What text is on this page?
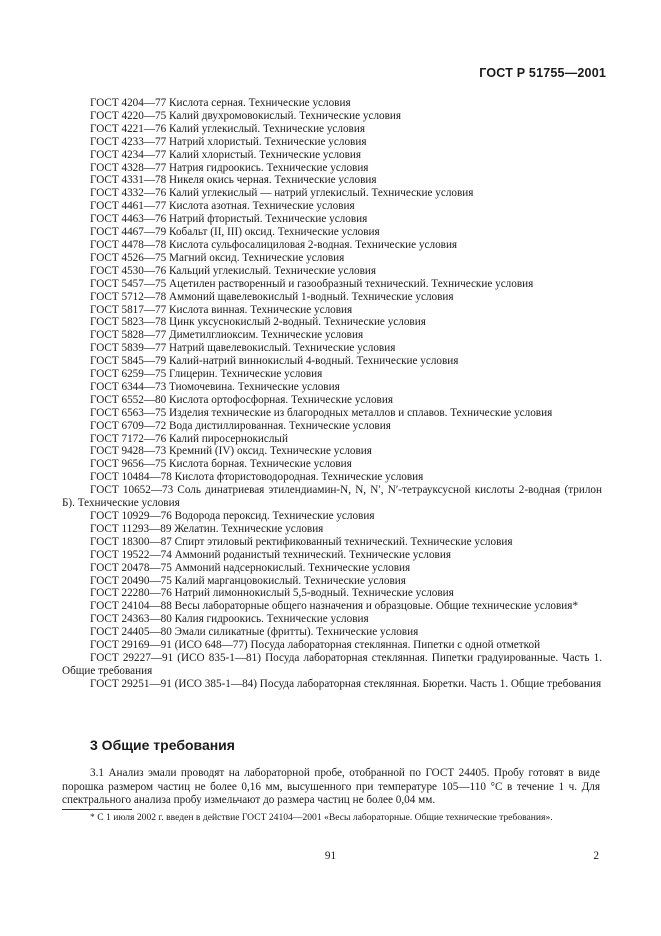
ГОСТ Р 51755—2001
ГОСТ 4204—77 Кислота серная. Технические условия
ГОСТ 4220—75 Калий двухромовокислый. Технические условия
ГОСТ 4221—76 Калий углекислый. Технические условия
ГОСТ 4233—77 Натрий хлористый. Технические условия
ГОСТ 4234—77 Калий хлористый. Технические условия
ГОСТ 4328—77 Натрия гидроокись. Технические условия
ГОСТ 4331—78 Никеля окись черная. Технические условия
ГОСТ 4332—76 Калий углекислый — натрий углекислый. Технические условия
ГОСТ 4461—77 Кислота азотная. Технические условия
ГОСТ 4463—76 Натрий фтористый. Технические условия
ГОСТ 4467—79 Кобальт (II, III) оксид. Технические условия
ГОСТ 4478—78 Кислота сульфосалициловая 2-водная. Технические условия
ГОСТ 4526—75 Магний оксид. Технические условия
ГОСТ 4530—76 Кальций углекислый. Технические условия
ГОСТ 5457—75 Ацетилен растворенный и газообразный технический. Технические условия
ГОСТ 5712—78 Аммоний щавелевокислый 1-водный. Технические условия
ГОСТ 5817—77 Кислота винная. Технические условия
ГОСТ 5823—78 Цинк уксуснокислый 2-водный. Технические условия
ГОСТ 5828—77 Диметилглиоксим. Технические условия
ГОСТ 5839—77 Натрий щавелевокислый. Технические условия
ГОСТ 5845—79 Калий-натрий виннокислый 4-водный. Технические условия
ГОСТ 6259—75 Глицерин. Технические условия
ГОСТ 6344—73 Тиомочевина. Технические условия
ГОСТ 6552—80 Кислота ортофосфорная. Технические условия
ГОСТ 6563—75 Изделия технические из благородных металлов и сплавов. Технические условия
ГОСТ 6709—72 Вода дистиллированная. Технические условия
ГОСТ 7172—76 Калий пиросернокислый
ГОСТ 9428—73 Кремний (IV) оксид. Технические условия
ГОСТ 9656—75 Кислота борная. Технические условия
ГОСТ 10484—78 Кислота фтористоводородная. Технические условия
ГОСТ 10652—73 Соль динатриевая этилендиамин-N, N, N′, N′-тетрауксусной кислоты 2-водная (трилон Б). Технические условия
ГОСТ 10929—76 Водорода пероксид. Технические условия
ГОСТ 11293—89 Желатин. Технические условия
ГОСТ 18300—87 Спирт этиловый ректификованный технический. Технические условия
ГОСТ 19522—74 Аммоний роданистый технический. Технические условия
ГОСТ 20478—75 Аммоний надсернокислый. Технические условия
ГОСТ 20490—75 Калий марганцовокислый. Технические условия
ГОСТ 22280—76 Натрий лимоннокислый 5,5-водный. Технические условия
ГОСТ 24104—88 Весы лабораторные общего назначения и образцовые. Общие технические условия*
ГОСТ 24363—80 Калия гидроокись. Технические условия
ГОСТ 24405—80 Эмали силикатные (фритты). Технические условия
ГОСТ 29169—91 (ИСО 648—77) Посуда лабораторная стеклянная. Пипетки с одной отметкой
ГОСТ 29227—91 (ИСО 835-1—81) Посуда лабораторная стеклянная. Пипетки градуированные. Часть 1. Общие требования
ГОСТ 29251—91 (ИСО 385-1—84) Посуда лабораторная стеклянная. Бюретки. Часть 1. Общие требования
3 Общие требования
3.1 Анализ эмали проводят на лабораторной пробе, отобранной по ГОСТ 24405. Пробу готовят в виде порошка размером частиц не более 0,16 мм, высушенного при температуре 105—110 °С в течение 1 ч. Для спектрального анализа пробу измельчают до размера частиц не более 0,04 мм.
* С 1 июля 2002 г. введен в действие ГОСТ 24104—2001 «Весы лабораторные. Общие технические требования».
91	2
